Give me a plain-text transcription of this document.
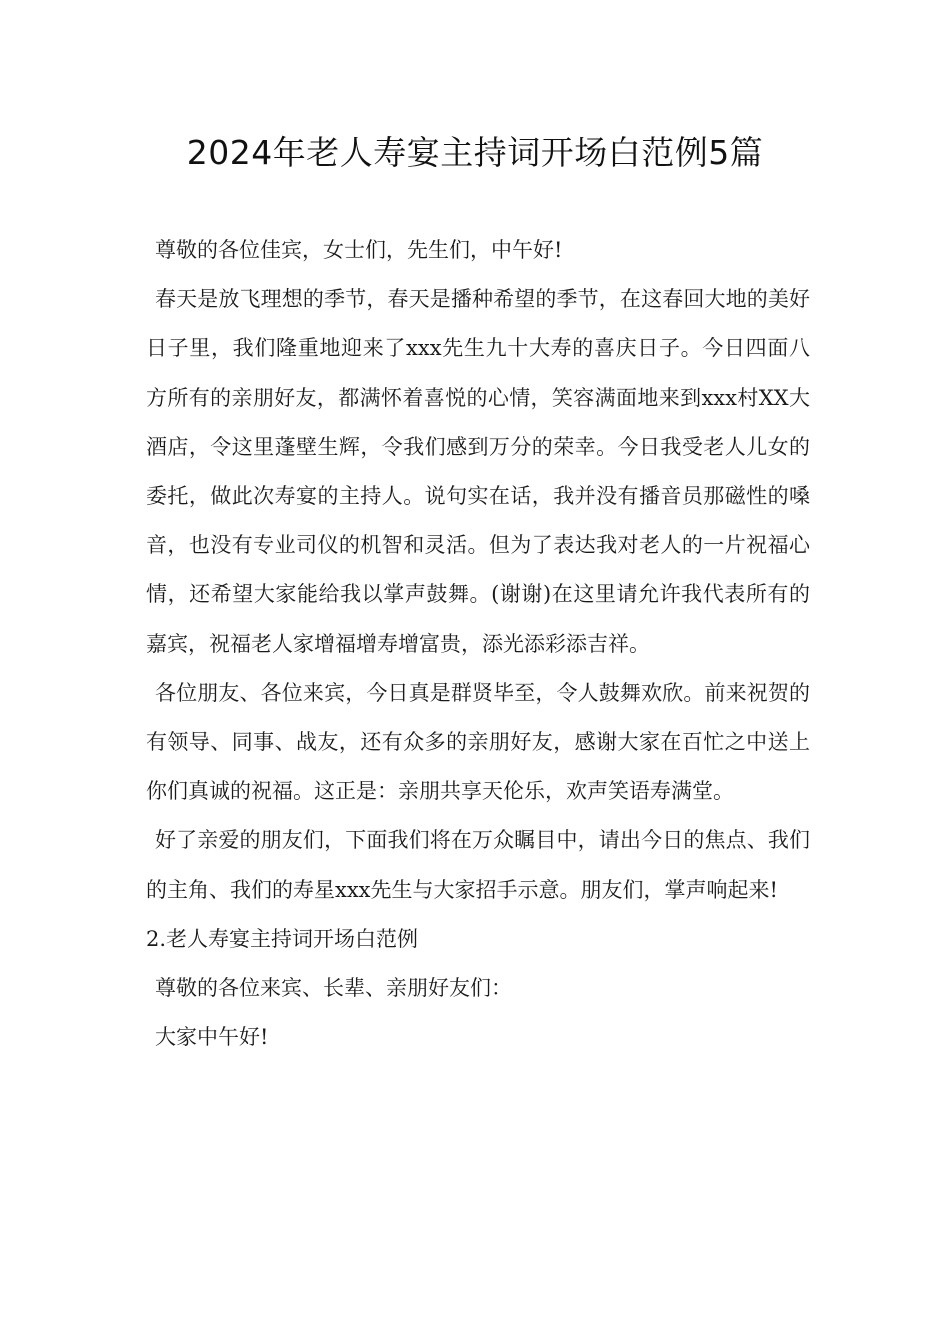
2024年老人寿宴主持词开场白范例5篇

尊敬的各位佳宾，女士们，先生们，中午好!

春天是放飞理想的季节，春天是播种希望的季节，在这春回大地的美好日子里，我们隆重地迎来了xxx先生九十大寿的喜庆日子。今日四面八方所有的亲朋好友，都满怀着喜悦的心情，笑容满面地来到xxx村XX大酒店，令这里蓬壁生辉，令我们感到万分的荣幸。今日我受老人儿女的委托，做此次寿宴的主持人。说句实在话，我并没有播音员那磁性的嗓音，也没有专业司仪的机智和灵活。但为了表达我对老人的一片祝福心情，还希望大家能给我以掌声鼓舞。(谢谢)在这里请允许我代表所有的嘉宾，祝福老人家增福增寿增富贵，添光添彩添吉祥。

各位朋友、各位来宾，今日真是群贤毕至，令人鼓舞欢欣。前来祝贺的有领导、同事、战友，还有众多的亲朋好友，感谢大家在百忙之中送上你们真诚的祝福。这正是：亲朋共享天伦乐，欢声笑语寿满堂。

好了亲爱的朋友们，下面我们将在万众瞩目中，请出今日的焦点、我们的主角、我们的寿星xxx先生与大家招手示意。朋友们，掌声响起来!

2.老人寿宴主持词开场白范例

尊敬的各位来宾、长辈、亲朋好友们：

大家中午好!
